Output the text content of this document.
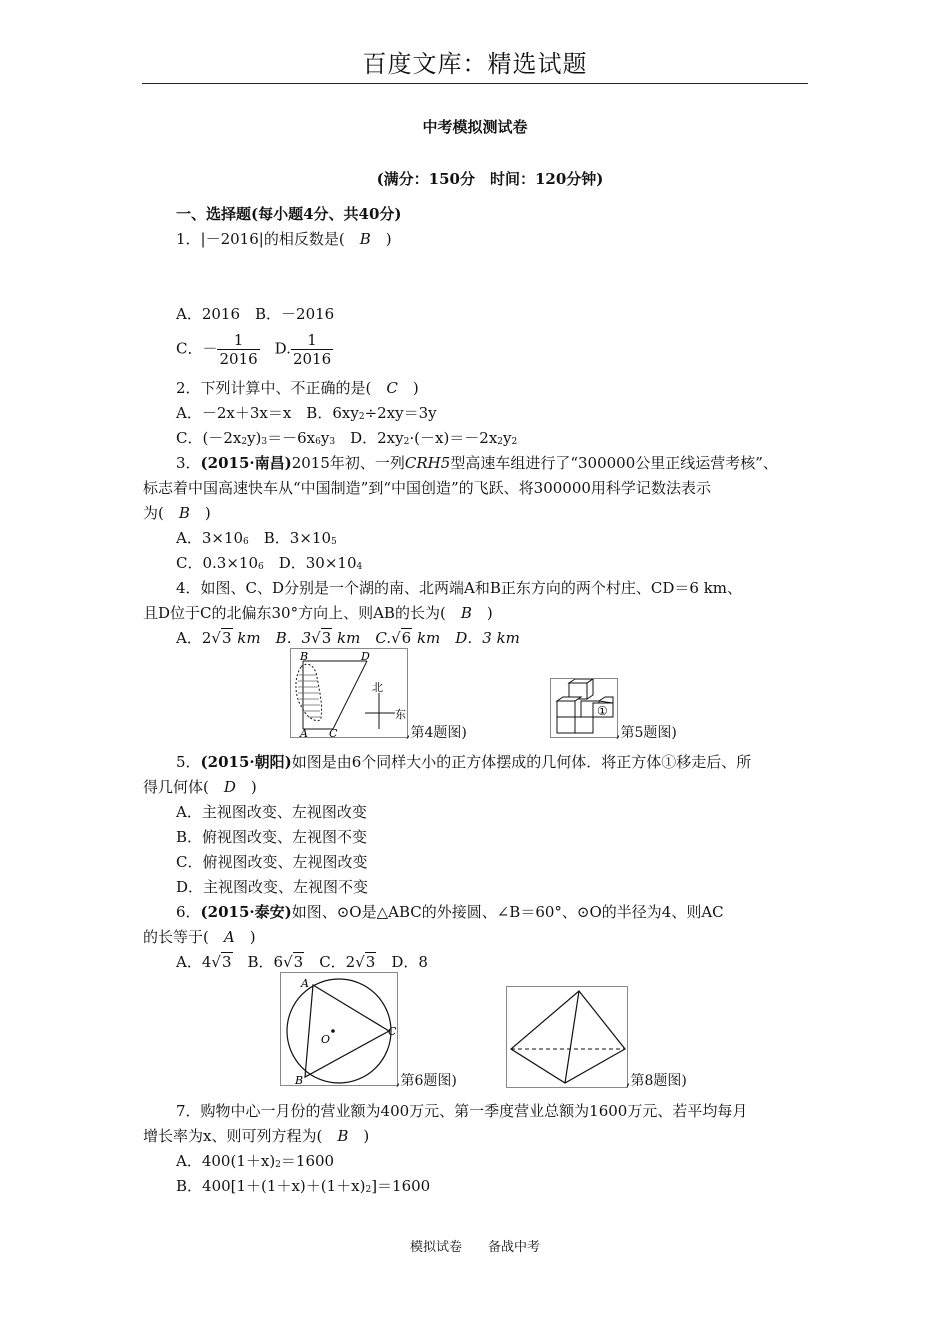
百度文库：精选试题
中考模拟测试卷
(满分：150分　时间：120分钟)
一、选择题(每小题4分、共40分)
1．|－2016|的相反数是(　B　)
A．2016　B．－2016
C．－ $\frac{1}{2016}$ 　D. $\frac{1}{2016}$
2．下列计算中、不正确的是(　C　)
A．－2x＋3x＝x　B．$6xy^2\div 2xy=3y$
C．$(-2x^2y)^3=-6x^6y^3$　D．$2xy^2\cdot(-x)=-2x^2y^2$
3．(2015·南昌)2015年初、一列CRH5型高速车组进行了“300000公里正线运营考核”、
标志着中国高速快车从“中国制造”到“中国创造”的飞跃、将300000用科学记数法表示
为(　B　)
A．$3\times 10^6$　B．$3\times 10^5$
C．$0.3\times 10^6$　D．$30\times 10^4$
4．如图、C、D分别是一个湖的南、北两端A和B正东方向的两个村庄、CD＝6 km、
且D位于C的北偏东30°方向上、则AB的长为(　B　)
A．2√3 km　B．3√3 km　C.√6 km　D．3 km
B	D
A C
北
东
,第4题图)
①
,第5题图)
5．(2015·朝阳)如图是由6个同样大小的正方体摆成的几何体．将正方体①移走后、所
得几何体(　D　)
A．主视图改变、左视图改变
B．俯视图改变、左视图不变
C．俯视图改变、左视图改变
D．主视图改变、左视图不变
6．(2015·泰安)如图、⊙O是△ABC的外接圆、∠B＝60°、⊙O的半径为4、则AC
的长等于(　A　)
A．4√3　B．6√3　C．2√3　D．8
A
O
B
C
,第6题图)	,第8题图)
7．购物中心一月份的营业额为400万元、第一季度营业总额为1600万元、若平均每月
增长率为x、则可列方程为(　B　)
A．$400(1+x)^2=1600$
B．$400[1+(1+x)+(1+x)^2]=1600$
模拟试卷　　备战中考
